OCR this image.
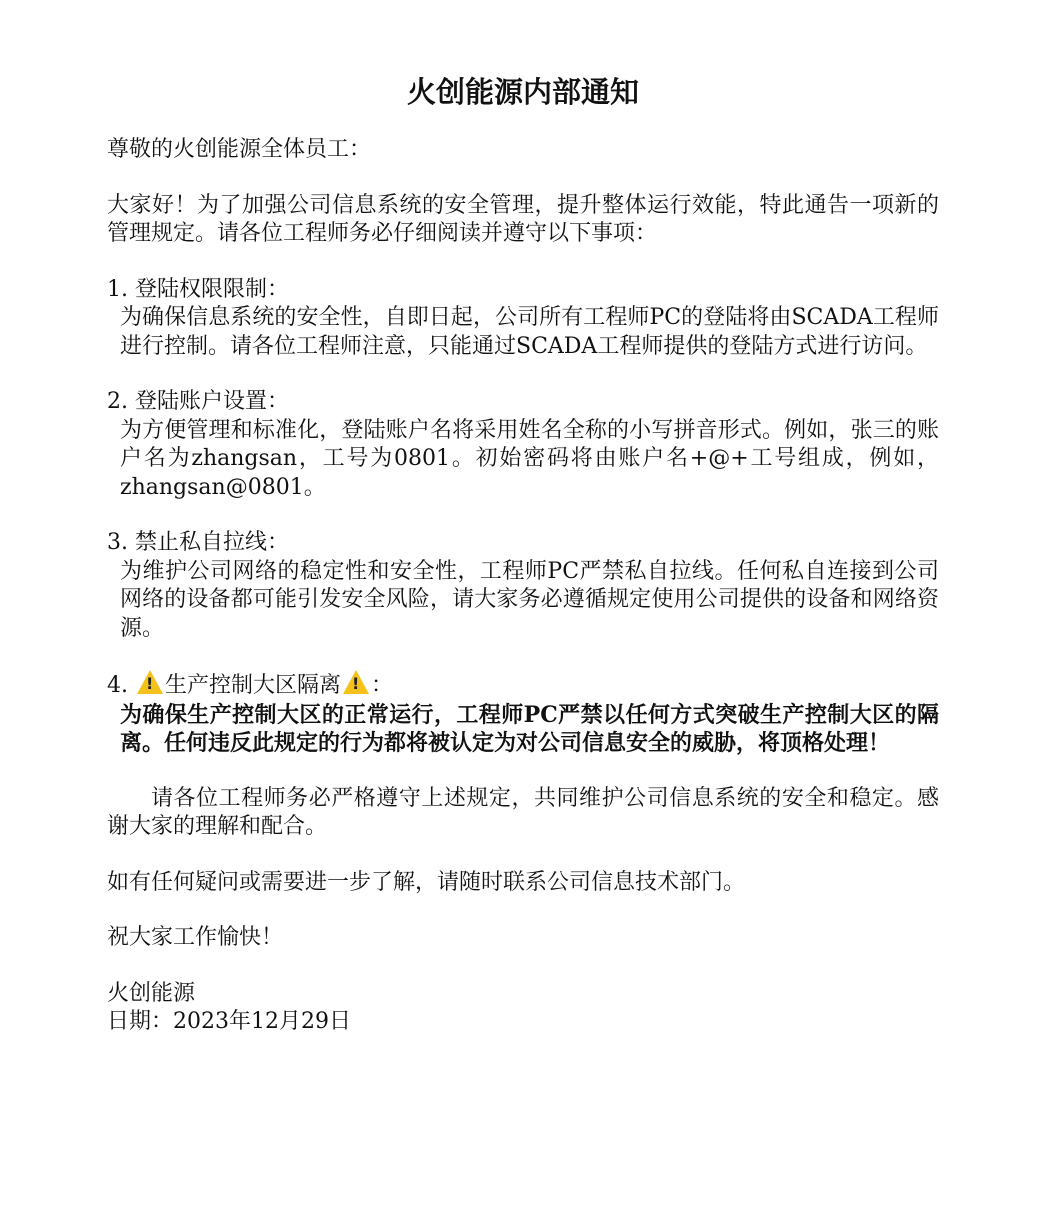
火创能源内部通知

尊敬的火创能源全体员工：

大家好！为了加强公司信息系统的安全管理，提升整体运行效能，特此通告一项新的管理规定。请各位工程师务必仔细阅读并遵守以下事项：

1. 登陆权限限制：

为确保信息系统的安全性，自即日起，公司所有工程师PC的登陆将由SCADA工程师进行控制。请各位工程师注意，只能通过SCADA工程师提供的登陆方式进行访问。

2. 登陆账户设置：

为方便管理和标准化，登陆账户名将采用姓名全称的小写拼音形式。例如，张三的账户名为zhangsan，工号为0801。初始密码将由账户名+@+工号组成，例如，zhangsan@0801。

3. 禁止私自拉线：

为维护公司网络的稳定性和安全性，工程师PC严禁私自拉线。任何私自连接到公司网络的设备都可能引发安全风险，请大家务必遵循规定使用公司提供的设备和网络资源。

4. !生产控制大区隔离! ：

为确保生产控制大区的正常运行，工程师PC严禁以任何方式突破生产控制大区的隔离。任何违反此规定的行为都将被认定为对公司信息安全的威胁，将顶格处理！

请各位工程师务必严格遵守上述规定，共同维护公司信息系统的安全和稳定。感谢大家的理解和配合。

如有任何疑问或需要进一步了解，请随时联系公司信息技术部门。

祝大家工作愉快！

火创能源

日期：2023年12月29日
